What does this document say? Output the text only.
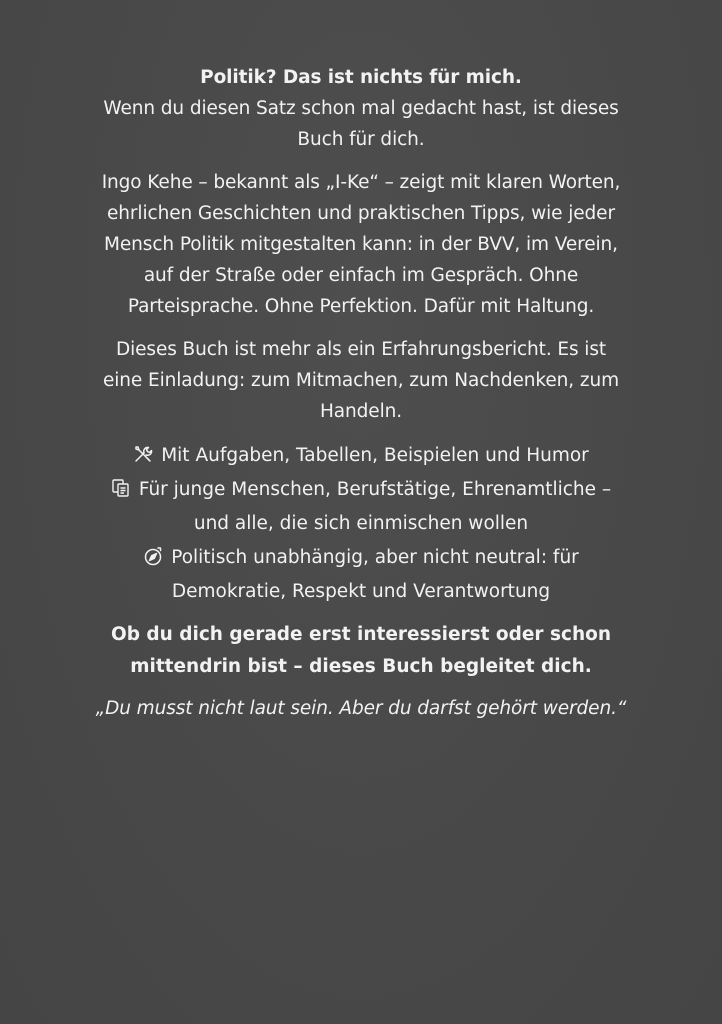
Politik? Das ist nichts für mich.
Wenn du diesen Satz schon mal gedacht hast, ist dieses
Buch für dich.

Ingo Kehe – bekannt als „I-Ke“ – zeigt mit klaren Worten,
ehrlichen Geschichten und praktischen Tipps, wie jeder
Mensch Politik mitgestalten kann: in der BVV, im Verein,
auf der Straße oder einfach im Gespräch. Ohne
Parteisprache. Ohne Perfektion. Dafür mit Haltung.

Dieses Buch ist mehr als ein Erfahrungsbericht. Es ist
eine Einladung: zum Mitmachen, zum Nachdenken, zum
Handeln.

Mit Aufgaben, Tabellen, Beispielen und Humor
Für junge Menschen, Berufstätige, Ehrenamtliche –
und alle, die sich einmischen wollen
Politisch unabhängig, aber nicht neutral: für
Demokratie, Respekt und Verantwortung

Ob du dich gerade erst interessierst oder schon
mittendrin bist – dieses Buch begleitet dich.

„Du musst nicht laut sein. Aber du darfst gehört werden.“
